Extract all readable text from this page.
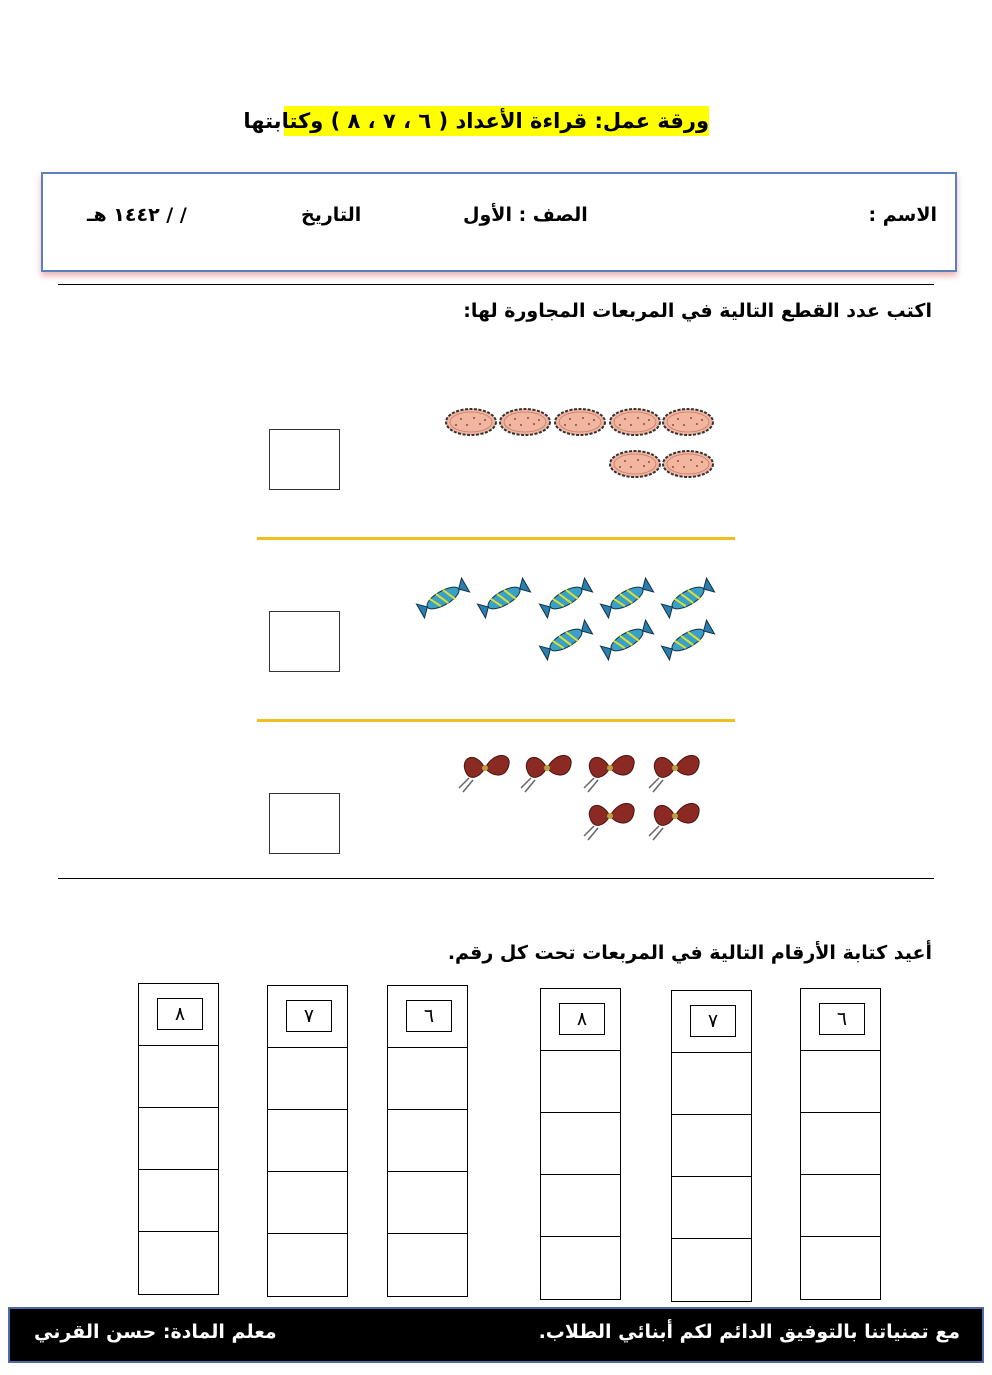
ورقة عمل: قراءة الأعداد ( ٦ ، ٧ ، ٨ ) وكتابتها
الاسم :
الصف : الأول
التاريخ
/ / ١٤٤٢ هـ
اكتب عدد القطع التالية في المربعات المجاورة لها:
أعيد كتابة الأرقام التالية في المربعات تحت كل رقم.
٨	٧	٦	٨	٧	٦
مع تمنياتنا بالتوفيق الدائم لكم أبنائي الطلاب.
معلم المادة: حسن القرني
